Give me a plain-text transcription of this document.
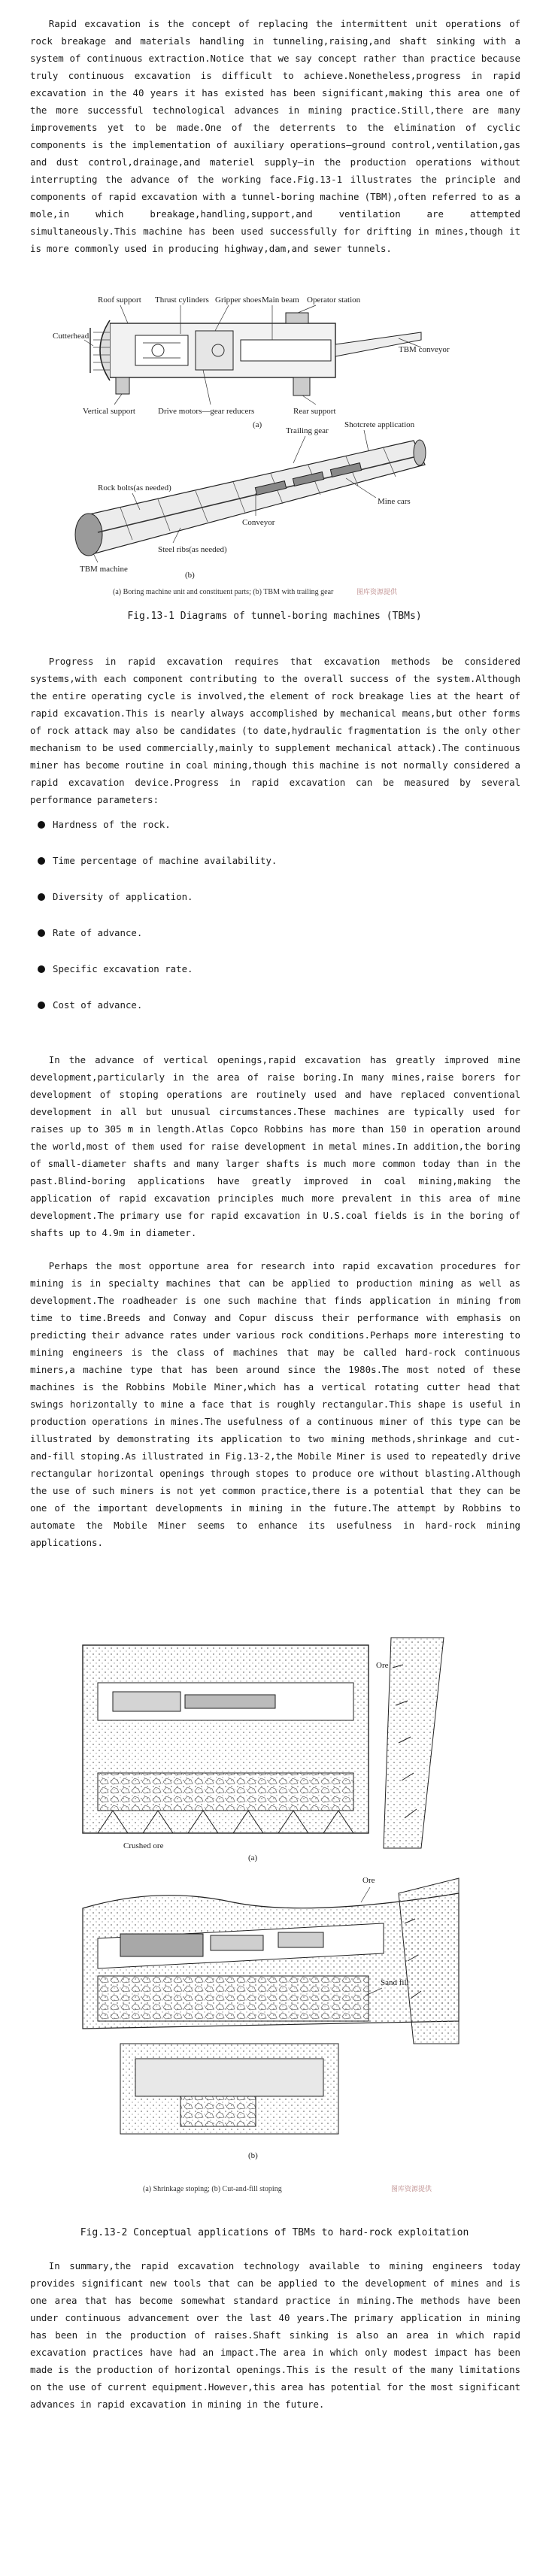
Rapid excavation is the concept of replacing the intermittent unit operations of rock breakage and materials handling in tunneling,raising,and shaft sinking with a system of continuous extraction.Notice that we say concept rather than practice because truly continuous excavation is difficult to achieve.Nonetheless,progress in rapid excavation in the 40 years it has existed has been significant,making this area one of the more successful technological advances in mining practice.Still,there are many improvements yet to be made.One of the deterrents to the elimination of cyclic components is the implementation of auxiliary operations—ground control,ventilation,gas and dust control,drainage,and materiel supply—in the production operations without interrupting the advance of the working face.Fig.13-1 illustrates the principle and components of rapid excavation with a tunnel-boring machine (TBM),often referred to as a mole,in which breakage,handling,support,and ventilation are attempted simultaneously.This machine has been used successfully for drifting in mines,though it is more commonly used in producing highway,dam,and sewer tunnels.

Roof support Thrust cylinders Gripper shoes Main beam Operator station
Cutterhead
TBM conveyor
Vertical support	Drive motors—gear reducers	Rear support
(a)
Trailing gear
Shotcrete application
Rock bolts(as needed)
Mine cars
Conveyor
Steel ribs(as needed)
TBM machine
(b)
(a) Boring machine unit and constituent parts; (b) TBM with trailing gear	图库资源提供

Fig.13-1 Diagrams of tunnel-boring machines (TBMs)

Progress in rapid excavation requires that excavation methods be considered systems,with each component contributing to the overall success of the system.Although the entire operating cycle is involved,the element of rock breakage lies at the heart of rapid excavation.This is nearly always accomplished by mechanical means,but other forms of rock attack may also be candidates (to date,hydraulic fragmentation is the only other mechanism to be used commercially,mainly to supplement mechanical attack).The continuous miner has become routine in coal mining,though this machine is not normally considered a rapid excavation device.Progress in rapid excavation can be measured by several performance parameters:

Hardness of the rock.
Time percentage of machine availability.
Diversity of application.
Rate of advance.
Specific excavation rate.
Cost of advance.

In the advance of vertical openings,rapid excavation has greatly improved mine development,particularly in the area of raise boring.In many mines,raise borers for development of stoping operations are routinely used and have replaced conventional development in all but unusual circumstances.These machines are typically used for raises up to 305 m in length.Atlas Copco Robbins has more than 150 in operation around the world,most of them used for raise development in metal mines.In addition,the boring of small-diameter shafts and many larger shafts is much more common today than in the past.Blind-boring applications have greatly improved in coal mining,making the application of rapid excavation principles much more prevalent in this area of mine development.The primary use for rapid excavation in U.S.coal fields is in the boring of shafts up to 4.9m in diameter.

Perhaps the most opportune area for research into rapid excavation procedures for mining is in specialty machines that can be applied to production mining as well as development.The roadheader is one such machine that finds application in mining from time to time.Breeds and Conway and Copur discuss their performance with emphasis on predicting their advance rates under various rock conditions.Perhaps more interesting to mining engineers is the class of machines that may be called hard-rock continuous miners,a machine type that has been around since the 1980s.The most noted of these machines is the Robbins Mobile Miner,which has a vertical rotating cutter head that swings horizontally to mine a face that is roughly rectangular.This shape is useful in production operations in mines.The usefulness of a continuous miner of this type can be illustrated by demonstrating its application to two mining methods,shrinkage and cut-and-fill stoping.As illustrated in Fig.13-2,the Mobile Miner is used to repeatedly drive rectangular horizontal openings through stopes to produce ore without blasting.Although the use of such miners is not yet common practice,there is a potential that they can be one of the important developments in mining in the future.The attempt by Robbins to automate the Mobile Miner seems to enhance its usefulness in hard-rock mining applications.

Ore
Crushed ore
(a)
Ore
Sand fill
(b)
(a) Shrinkage stoping; (b) Cut-and-fill stoping	图库资源提供

Fig.13-2 Conceptual applications of TBMs to hard-rock exploitation

In summary,the rapid excavation technology available to mining engineers today provides significant new tools that can be applied to the development of mines and is one area that has become somewhat standard practice in mining.The methods have been under continuous advancement over the last 40 years.The primary application in mining has been in the production of raises.Shaft sinking is also an area in which rapid excavation practices have had an impact.The area in which only modest impact has been made is the production of horizontal openings.This is the result of the many limitations on the use of current equipment.However,this area has potential for the most significant advances in rapid excavation in mining in the future.
